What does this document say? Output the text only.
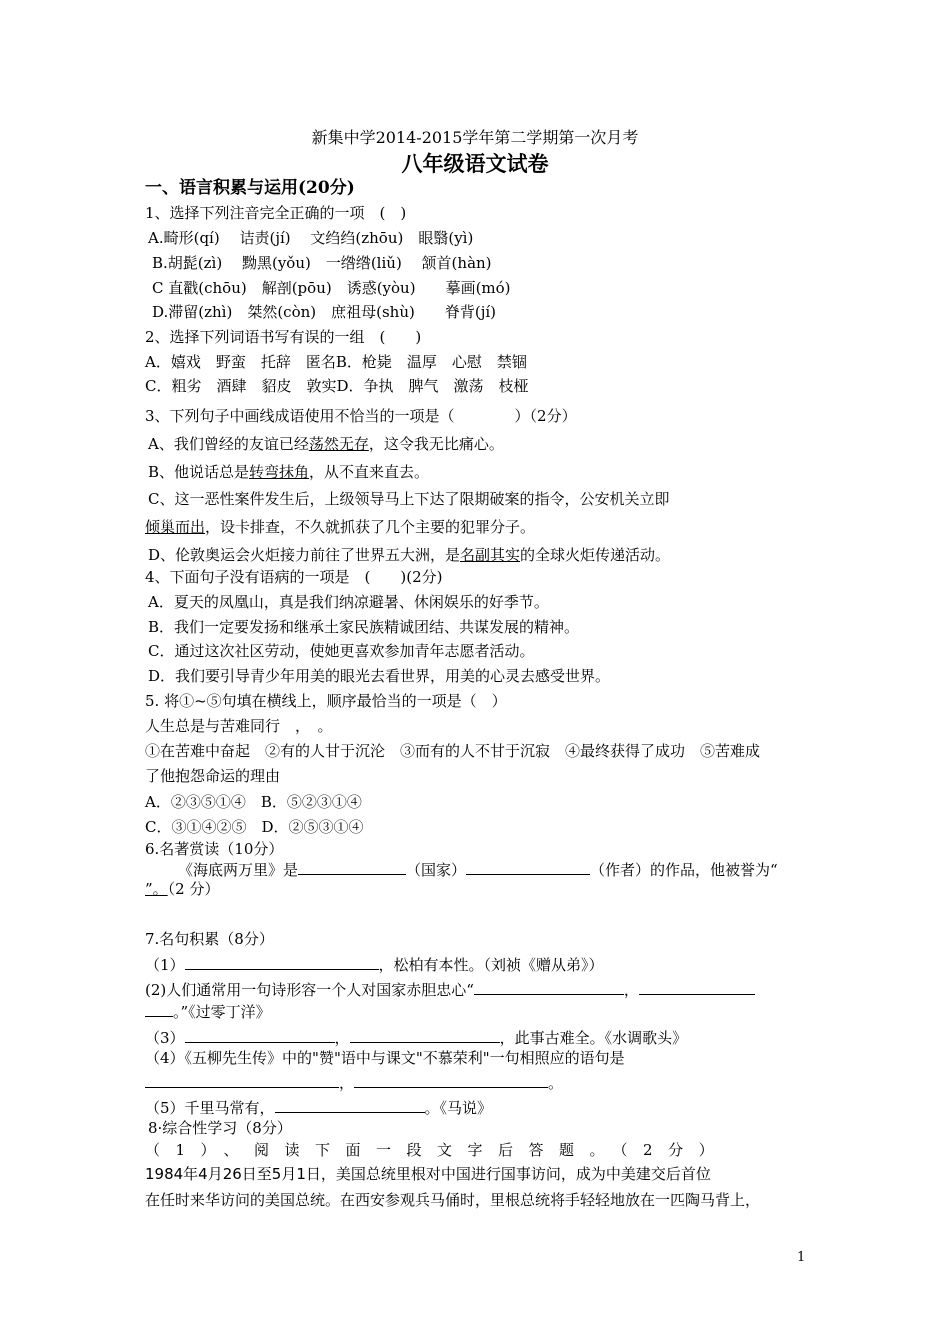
新集中学2014-2015学年第二学期第一次月考
八年级语文试卷
一、语言积累与运用(20分)
1、选择下列注音完全正确的一项　(　)
A.畸形(qí)　 诘责(jí)　 文绉绉(zhōu)　眼翳(yì)
B.胡髭(zì)　 黝黑(yǒu)　一绺绺(liǔ)　 颔首(hàn)
C 直戳(chōu)　解剖(pōu)　诱惑(yòu)　　摹画(mó)
D.滞留(zhì)　桀然(còn)　庶祖母(shù)　　脊背(jí)
2、选择下列词语书写有误的一组　(　　)
A．嬉戏　野蛮　托辞　匿名B．枪毙　温厚　心慰　禁锢
C．粗劣　酒肆　貂皮　敦实D．争执　脾气　激荡　枝桠
3、下列句子中画线成语使用不恰当的一项是（　　　　）（2分）
A、我们曾经的友谊已经荡然无存，这令我无比痛心。
B、他说话总是转弯抹角，从不直来直去。
C、这一恶性案件发生后，上级领导马上下达了限期破案的指令，公安机关立即
倾巢而出，设卡排查，不久就抓获了几个主要的犯罪分子。
D、伦敦奥运会火炬接力前往了世界五大洲，是名副其实的全球火炬传递活动。
4、下面句子没有语病的一项是　(　　)(2分)
A．夏天的凤凰山，真是我们纳凉避暑、休闲娱乐的好季节。
B．我们一定要发扬和继承土家民族精诚团结、共谋发展的精神。
C．通过这次社区劳动，使她更喜欢参加青年志愿者活动。
D．我们要引导青少年用美的眼光去看世界，用美的心灵去感受世界。
5. 将①~⑤句填在横线上，顺序最恰当的一项是（　）
人生总是与苦难同行　，　。
①在苦难中奋起　②有的人甘于沉沦　③而有的人不甘于沉寂　④最终获得了成功　⑤苦难成
了他抱怨命运的理由
A．②③⑤①④　B．⑤②③①④
C．③①④②⑤　D．②⑤③①④
6.名著赏读（10分）
《海底两万里》是	（国家）	（作者）的作品，他被誉为“
”。（2 分）
7.名句积累（8分）
（1）	，松柏有本性。（刘祯《赠从弟》）
(2)人们通常用一句诗形容一个人对国家赤胆忠心“	，
。”《过零丁洋》
（3）	，	，此事古难全。《水调歌头》
（4）《五柳先生传》中的"赞"语中与课文"不慕荣利"一句相照应的语句是
，	。
（5）千里马常有，	。《马说》
8·综合性学习（8分）
（1）、阅读下面一段文字后答题。（2分）
1984年4月26日至5月1日，美国总统里根对中国进行国事访问，成为中美建交后首位
在任时来华访问的美国总统。在西安参观兵马俑时，里根总统将手轻轻地放在一匹陶马背上，
1
